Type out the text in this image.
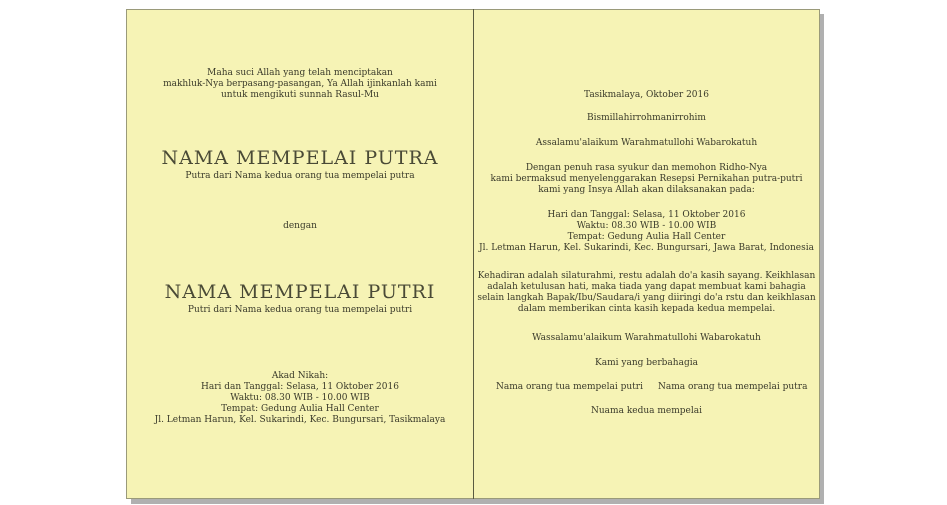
Maha suci Allah yang telah menciptakan
makhluk-Nya berpasang-pasangan, Ya Allah ijinkanlah kami
untuk mengikuti sunnah Rasul-Mu
NAMA MEMPELAI PUTRA
Putra dari Nama kedua orang tua mempelai putra
dengan
NAMA MEMPELAI PUTRI
Putri dari Nama kedua orang tua mempelai putri
Akad Nikah:
Hari dan Tanggal: Selasa, 11 Oktober 2016
Waktu: 08.30 WIB - 10.00 WIB
Tempat: Gedung Aulia Hall Center
Jl. Letman Harun, Kel. Sukarindi, Kec. Bungursari, Tasikmalaya
Tasikmalaya, Oktober 2016
Bismillahirrohmanirrohim
Assalamu'alaikum Warahmatullohi Wabarokatuh
Dengan penuh rasa syukur dan memohon Ridho-Nya
kami bermaksud menyelenggarakan Resepsi Pernikahan putra-putri
kami yang Insya Allah akan dilaksanakan pada:
Hari dan Tanggal: Selasa, 11 Oktober 2016
Waktu: 08.30 WIB - 10.00 WIB
Tempat: Gedung Aulia Hall Center
Jl. Letman Harun, Kel. Sukarindi, Kec. Bungursari, Jawa Barat, Indonesia
Kehadiran adalah silaturahmi, restu adalah do'a kasih sayang. Keikhlasan
adalah ketulusan hati, maka tiada yang dapat membuat kami bahagia
selain langkah Bapak/Ibu/Saudara/i yang diiringi do'a rstu dan keikhlasan
dalam memberikan cinta kasih kepada kedua mempelai.
Wassalamu'alaikum Warahmatullohi Wabarokatuh
Kami yang berbahagia
Nama orang tua mempelai putri Nama orang tua mempelai putra
Nuama kedua mempelai
